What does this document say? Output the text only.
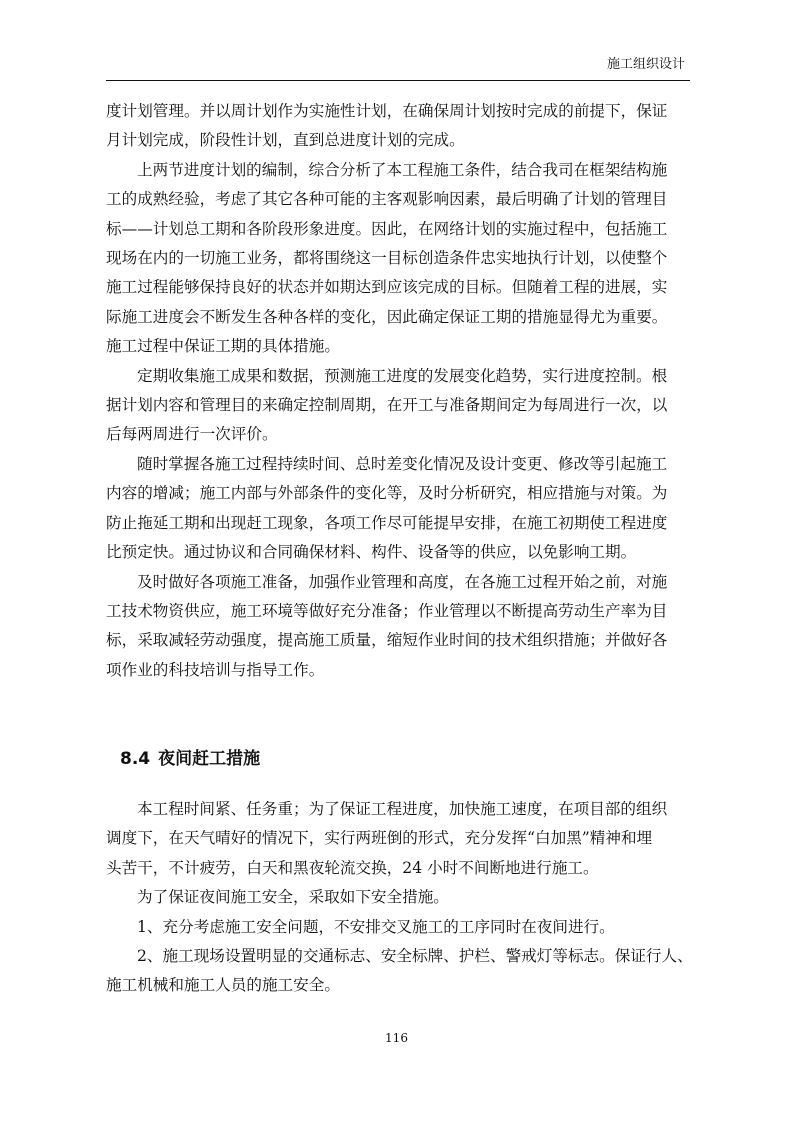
施工组织设计

度计划管理。并以周计划作为实施性计划，在确保周计划按时完成的前提下，保证

月计划完成，阶段性计划，直到总进度计划的完成。

上两节进度计划的编制，综合分析了本工程施工条件，结合我司在框架结构施

工的成熟经验，考虑了其它各种可能的主客观影响因素，最后明确了计划的管理目

标——计划总工期和各阶段形象进度。因此，在网络计划的实施过程中，包括施工

现场在内的一切施工业务，都将围绕这一目标创造条件忠实地执行计划，以使整个

施工过程能够保持良好的状态并如期达到应该完成的目标。但随着工程的进展，实

际施工进度会不断发生各种各样的变化，因此确定保证工期的措施显得尤为重要。

施工过程中保证工期的具体措施。

定期收集施工成果和数据，预测施工进度的发展变化趋势，实行进度控制。根

据计划内容和管理目的来确定控制周期，在开工与准备期间定为每周进行一次，以

后每两周进行一次评价。

随时掌握各施工过程持续时间、总时差变化情况及设计变更、修改等引起施工

内容的增减；施工内部与外部条件的变化等，及时分析研究，相应措施与对策。为

防止拖延工期和出现赶工现象，各项工作尽可能提早安排，在施工初期使工程进度

比预定快。通过协议和合同确保材料、构件、设备等的供应，以免影响工期。

及时做好各项施工准备，加强作业管理和高度，在各施工过程开始之前，对施

工技术物资供应，施工环境等做好充分准备；作业管理以不断提高劳动生产率为目

标，采取减轻劳动强度，提高施工质量，缩短作业时间的技术组织措施；并做好各

项作业的科技培训与指导工作。

8.4 夜间赶工措施

本工程时间紧、任务重；为了保证工程进度，加快施工速度，在项目部的组织

调度下，在天气晴好的情况下，实行两班倒的形式，充分发挥“白加黑”精神和埋

头苦干，不计疲劳，白天和黑夜轮流交换，24 小时不间断地进行施工。

为了保证夜间施工安全，采取如下安全措施。

1、充分考虑施工安全问题，不安排交叉施工的工序同时在夜间进行。

2、施工现场设置明显的交通标志、安全标牌、护栏、警戒灯等标志。保证行人、

施工机械和施工人员的施工安全。

116
